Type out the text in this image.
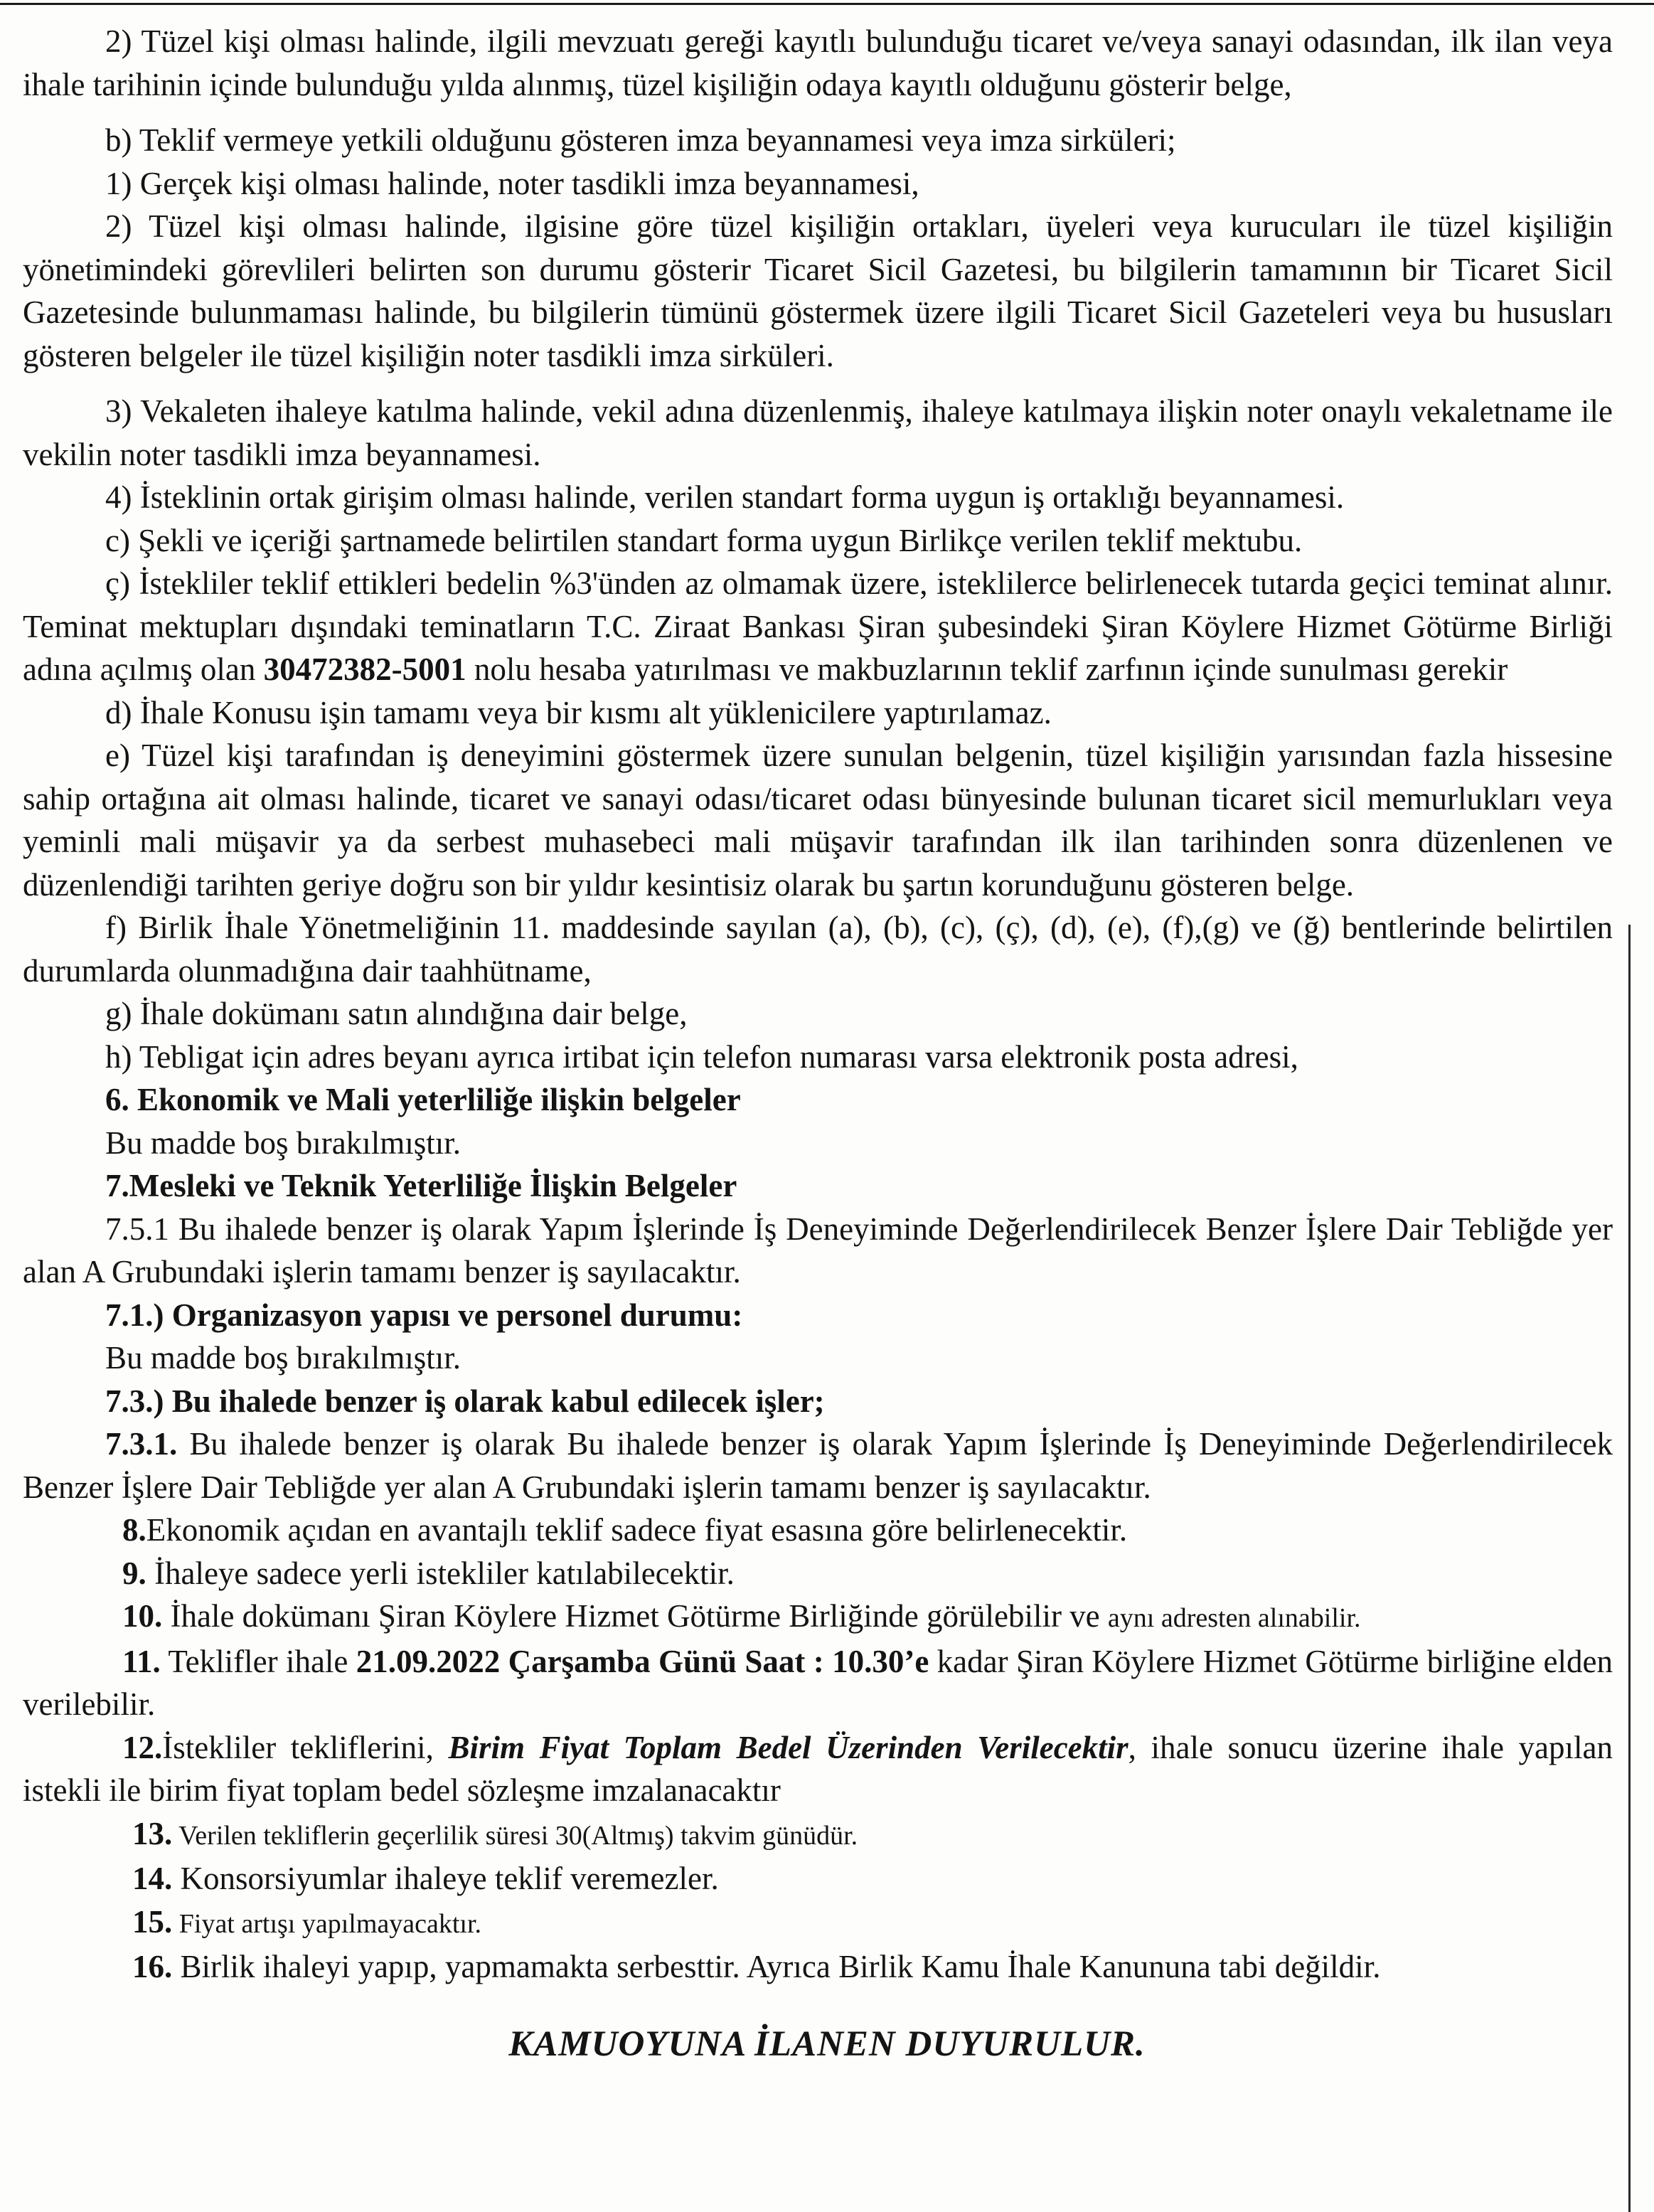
2) Tüzel kişi olması halinde, ilgili mevzuatı gereği kayıtlı bulunduğu ticaret ve/veya sanayi odasından, ilk ilan veya ihale tarihinin içinde bulunduğu yılda alınmış, tüzel kişiliğin odaya kayıtlı olduğunu gösterir belge,

b) Teklif vermeye yetkili olduğunu gösteren imza beyannamesi veya imza sirküleri;

1) Gerçek kişi olması halinde, noter tasdikli imza beyannamesi,

2) Tüzel kişi olması halinde, ilgisine göre tüzel kişiliğin ortakları, üyeleri veya kurucuları ile tüzel kişiliğin yönetimindeki görevlileri belirten son durumu gösterir Ticaret Sicil Gazetesi, bu bilgilerin tamamının bir Ticaret Sicil Gazetesinde bulunmaması halinde, bu bilgilerin tümünü göstermek üzere ilgili Ticaret Sicil Gazeteleri veya bu hususları gösteren belgeler ile tüzel kişiliğin noter tasdikli imza sirküleri.

3) Vekaleten ihaleye katılma halinde, vekil adına düzenlenmiş, ihaleye katılmaya ilişkin noter onaylı vekaletname ile vekilin noter tasdikli imza beyannamesi.

4) İsteklinin ortak girişim olması halinde, verilen standart forma uygun iş ortaklığı beyannamesi.

c) Şekli ve içeriği şartnamede belirtilen standart forma uygun Birlikçe verilen teklif mektubu.

ç) İstekliler teklif ettikleri bedelin %3'ünden az olmamak üzere, isteklilerce belirlenecek tutarda geçici teminat alınır. Teminat mektupları dışındaki teminatların T.C. Ziraat Bankası Şiran şubesindeki Şiran Köylere Hizmet Götürme Birliği adına açılmış olan 30472382-5001 nolu hesaba yatırılması ve makbuzlarının teklif zarfının içinde sunulması gerekir

d) İhale Konusu işin tamamı veya bir kısmı alt yüklenicilere yaptırılamaz.

e) Tüzel kişi tarafından iş deneyimini göstermek üzere sunulan belgenin, tüzel kişiliğin yarısından fazla hissesine sahip ortağına ait olması halinde, ticaret ve sanayi odası/ticaret odası bünyesinde bulunan ticaret sicil memurlukları veya yeminli mali müşavir ya da serbest muhasebeci mali müşavir tarafından ilk ilan tarihinden sonra düzenlenen ve düzenlendiği tarihten geriye doğru son bir yıldır kesintisiz olarak bu şartın korunduğunu gösteren belge.

f) Birlik İhale Yönetmeliğinin 11. maddesinde sayılan (a), (b), (c), (ç), (d), (e), (f),(g) ve (ğ) bentlerinde belirtilen durumlarda olunmadığına dair taahhütname,

g) İhale dokümanı satın alındığına dair belge,

h) Tebligat için adres beyanı ayrıca irtibat için telefon numarası varsa elektronik posta adresi,

6. Ekonomik ve Mali yeterliliğe ilişkin belgeler

Bu madde boş bırakılmıştır.

7.Mesleki ve Teknik Yeterliliğe İlişkin Belgeler

7.5.1 Bu ihalede benzer iş olarak Yapım İşlerinde İş Deneyiminde Değerlendirilecek Benzer İşlere Dair Tebliğde yer alan A Grubundaki işlerin tamamı benzer iş sayılacaktır.

7.1.) Organizasyon yapısı ve personel durumu:

Bu madde boş bırakılmıştır.

7.3.) Bu ihalede benzer iş olarak kabul edilecek işler;

7.3.1. Bu ihalede benzer iş olarak Bu ihalede benzer iş olarak Yapım İşlerinde İş Deneyiminde Değerlendirilecek Benzer İşlere Dair Tebliğde yer alan A Grubundaki işlerin tamamı benzer iş sayılacaktır.

8.Ekonomik açıdan en avantajlı teklif sadece fiyat esasına göre belirlenecektir.

9. İhaleye sadece yerli istekliler katılabilecektir.

10. İhale dokümanı Şiran Köylere Hizmet Götürme Birliğinde görülebilir ve aynı adresten alınabilir.

11. Teklifler ihale 21.09.2022 Çarşamba Günü Saat : 10.30’e kadar Şiran Köylere Hizmet Götürme birliğine elden verilebilir.

12.İstekliler tekliflerini, Birim Fiyat Toplam Bedel Üzerinden Verilecektir, ihale sonucu üzerine ihale yapılan istekli ile birim fiyat toplam bedel sözleşme imzalanacaktır

13. Verilen tekliflerin geçerlilik süresi 30(Altmış) takvim günüdür.

14. Konsorsiyumlar ihaleye teklif veremezler.

15. Fiyat artışı yapılmayacaktır.

16. Birlik ihaleyi yapıp, yapmamakta serbesttir. Ayrıca Birlik Kamu İhale Kanununa tabi değildir.

KAMUOYUNA İLANEN DUYURULUR.
